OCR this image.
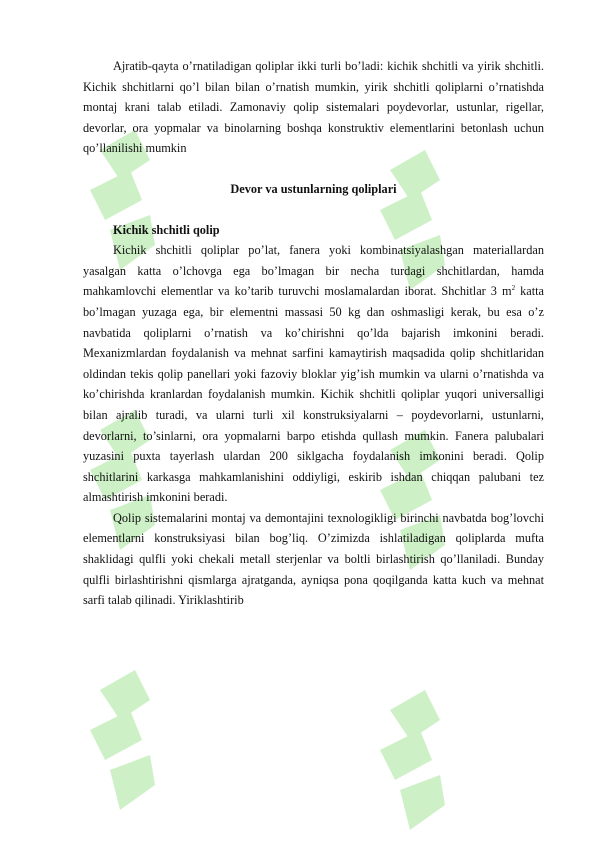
Ajratib-qayta o’rnatiladigan qoliplar ikki turli bo’ladi: kichik shchitli va yirik shchitli. Kichik shchitlarni qo’l bilan bilan o’rnatish mumkin, yirik shchitli qoliplarni o’rnatishda montaj krani talab etiladi. Zamonaviy qolip sistemalari poydevorlar, ustunlar, rigellar, devorlar, ora yopmalar va binolarning boshqa konstruktiv elementlarini betonlash uchun qo’llanilishi mumkin

Devor va ustunlarning qoliplari

Kichik shchitli qolip

Kichik shchitli qoliplar po’lat, fanera yoki kombinatsiyalashgan materiallardan yasalgan katta o’lchovga ega bo’lmagan bir necha turdagi shchitlardan, hamda mahkamlovchi elementlar va ko’tarib turuvchi moslamalardan iborat. Shchitlar 3 $m^2$ katta bo’lmagan yuzaga ega, bir elementni massasi 50 kg dan oshmasligi kerak, bu esa o’z navbatida qoliplarni o’rnatish va ko’chirishni qo’lda bajarish imkonini beradi. Mexanizmlardan foydalanish va mehnat sarfini kamaytirish maqsadida qolip shchitlaridan oldindan tekis qolip panellari yoki fazoviy bloklar yig’ish mumkin va ularni o’rnatishda va ko’chirishda kranlardan foydalanish mumkin. Kichik shchitli qoliplar yuqori universalligi bilan ajralib turadi, va ularni turli xil konstruksiyalarni – poydevorlarni, ustunlarni, devorlarni, to’sinlarni, ora yopmalarni barpo etishda qullash mumkin. Fanera palubalari yuzasini puxta tayerlash ulardan 200 siklgacha foydalanish imkonini beradi. Qolip shchitlarini karkasga mahkamlanishini oddiyligi, eskirib ishdan chiqqan palubani tez almashtirish imkonini beradi.

Qolip sistemalarini montaj va demontajini texnologikligi birinchi navbatda bog’lovchi elementlarni konstruksiyasi bilan bog’liq. O’zimizda ishlatiladigan qoliplarda mufta shaklidagi qulfli yoki chekali metall sterjenlar va boltli birlashtirish qo’llaniladi. Bunday qulfli birlashtirishni qismlarga ajratganda, ayniqsa pona qoqilganda katta kuch va mehnat sarfi talab qilinadi. Yiriklashtirib
